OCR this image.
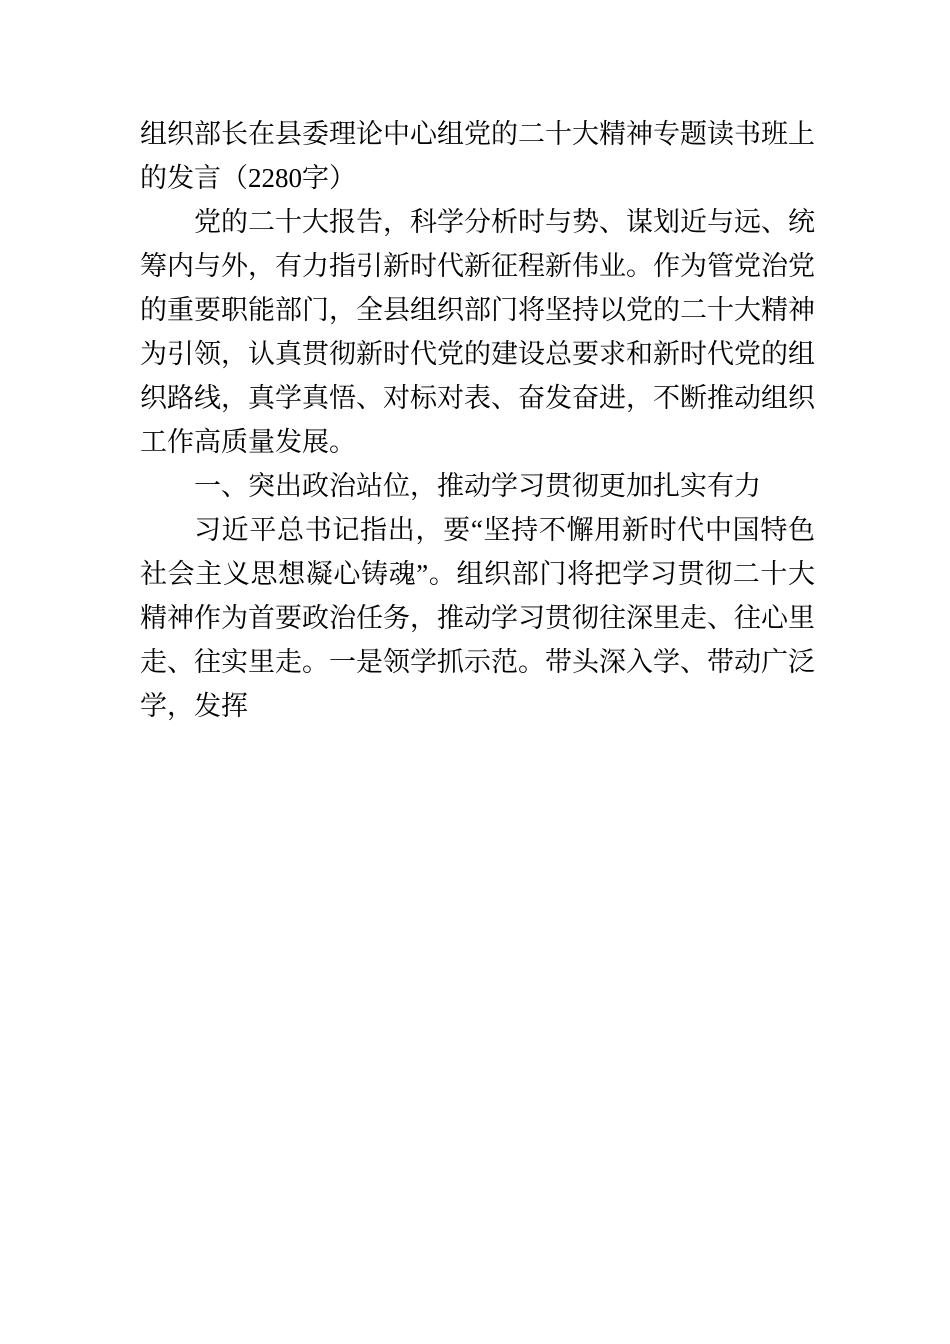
组织部长在县委理论中心组党的二十大精神专题读书班上的发言（2280字）

党的二十大报告，科学分析时与势、谋划近与远、统筹内与外，有力指引新时代新征程新伟业。作为管党治党的重要职能部门，全县组织部门将坚持以党的二十大精神为引领，认真贯彻新时代党的建设总要求和新时代党的组织路线，真学真悟、对标对表、奋发奋进，不断推动组织工作高质量发展。

一、突出政治站位，推动学习贯彻更加扎实有力

习近平总书记指出，要“坚持不懈用新时代中国特色社会主义思想凝心铸魂”。组织部门将把学习贯彻二十大精神作为首要政治任务，推动学习贯彻往深里走、往心里走、往实里走。一是领学抓示范。带头深入学、带动广泛学，发挥
